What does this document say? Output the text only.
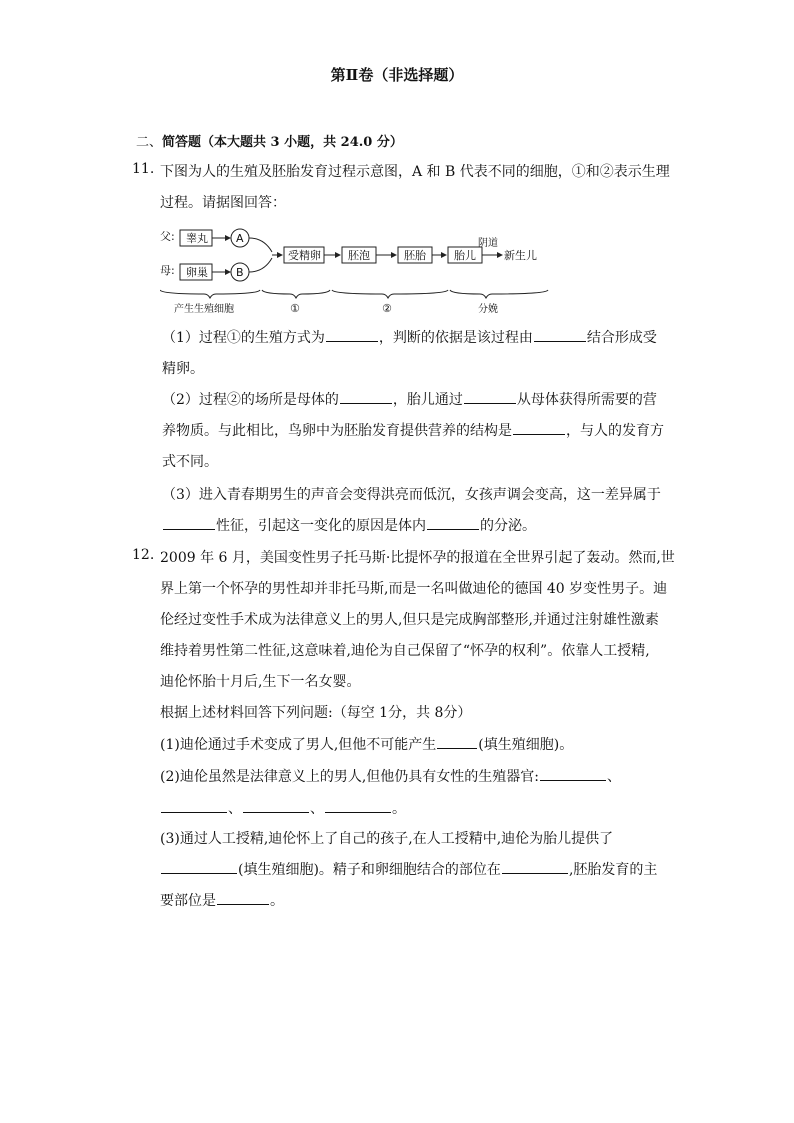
第Ⅱ卷（非选择题）
二、简答题（本大题共 3 小题，共 24.0 分）
11. 下图为人的生殖及胚胎发育过程示意图，A 和 B 代表不同的细胞，①和②表示生理
过程。请据图回答：
父: 睾丸	A
母: 卵巢	B
受精卵 胚泡	胚胎	胎儿
阴道
新生儿
产生生殖细胞	①	②	分娩
（1）过程①的生殖方式为	，判断的依据是该过程由	结合形成受
精卵。
（2）过程②的场所是母体的	，胎儿通过	从母体获得所需要的营
养物质。与此相比，鸟卵中为胚胎发育提供营养的结构是	，与人的发育方
式不同。
（3）进入青春期男生的声音会变得洪亮而低沉，女孩声调会变高，这一差异属于
性征，引起这一变化的原因是体内	的分泌。
12. 2009 年 6 月，美国变性男子托马斯·比提怀孕的报道在全世界引起了轰动。然而,世
界上第一个怀孕的男性却并非托马斯,而是一名叫做迪伦的德国 40 岁变性男子。迪
伦经过变性手术成为法律意义上的男人,但只是完成胸部整形,并通过注射雄性激素
维持着男性第二性征,这意味着,迪伦为自己保留了“怀孕的权利”。依靠人工授精,
迪伦怀胎十月后,生下一名女婴。
根据上述材料回答下列问题:（每空 1分，共 8分）
(1)迪伦通过手术变成了男人,但他不可能产生	(填生殖细胞)。
(2)迪伦虽然是法律意义上的男人,但他仍具有女性的生殖器官:	、
、	、	。
(3)通过人工授精,迪伦怀上了自己的孩子,在人工授精中,迪伦为胎儿提供了
(填生殖细胞)。精子和卵细胞结合的部位在	,胚胎发育的主
要部位是	。
